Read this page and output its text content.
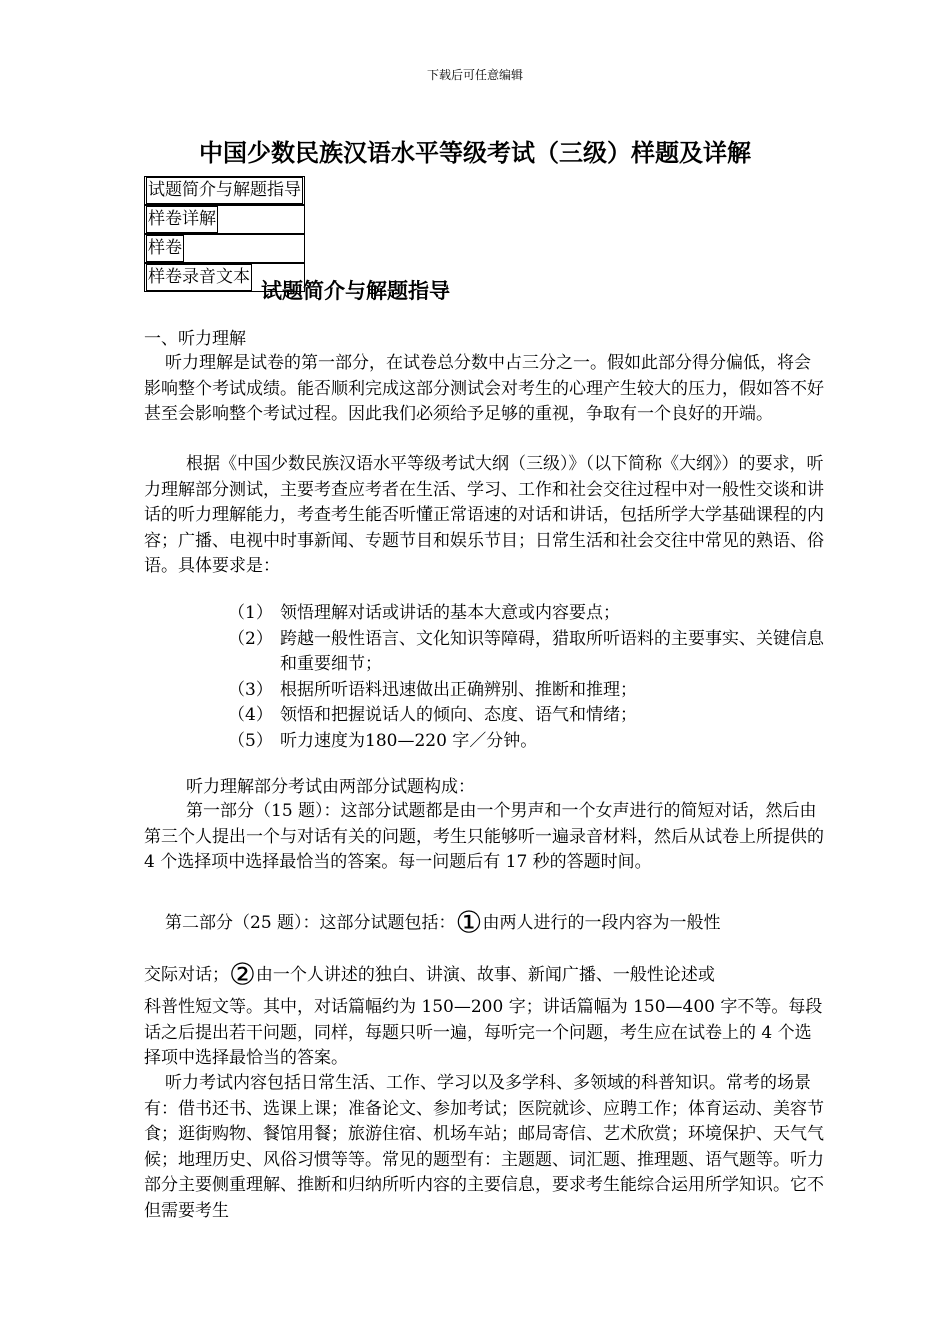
下载后可任意编辑
中国少数民族汉语水平等级考试（三级）样题及详解
试题简介与解题指导
样卷详解
样卷
样卷录音文本
试题简介与解题指导
一、听力理解
听力理解是试卷的第一部分，在试卷总分数中占三分之一。假如此部分得分偏低，将会影响整个考试成绩。能否顺利完成这部分测试会对考生的心理产生较大的压力，假如答不好甚至会影响整个考试过程。因此我们必须给予足够的重视，争取有一个良好的开端。
根据《中国少数民族汉语水平等级考试大纲（三级）》（以下简称《大纲》）的要求，听力理解部分测试，主要考查应考者在生活、学习、工作和社会交往过程中对一般性交谈和讲话的听力理解能力，考查考生能否听懂正常语速的对话和讲话，包括所学大学基础课程的内容；广播、电视中时事新闻、专题节目和娱乐节目；日常生活和社会交往中常见的熟语、俗语。具体要求是：
（1） 领悟理解对话或讲话的基本大意或内容要点；
（2） 跨越一般性语言、文化知识等障碍，猎取所听语料的主要事实、关键信息和重要细节；
（3） 根据所听语料迅速做出正确辨别、推断和推理；
（4） 领悟和把握说话人的倾向、态度、语气和情绪；
（5） 听力速度为180—220 字／分钟。
听力理解部分考试由两部分试题构成：
第一部分（15 题）：这部分试题都是由一个男声和一个女声进行的简短对话，然后由第三个人提出一个与对话有关的问题，考生只能够听一遍录音材料，然后从试卷上所提供的 4 个选择项中选择最恰当的答案。每一问题后有 17 秒的答题时间。
第二部分（25 题）：这部分试题包括：①由两人进行的一段内容为一般性
交际对话；②由一个人讲述的独白、讲演、故事、新闻广播、一般性论述或
科普性短文等。其中，对话篇幅约为 150—200 字；讲话篇幅为 150—400 字不等。每段话之后提出若干问题，同样，每题只听一遍，每听完一个问题，考生应在试卷上的 4 个选择项中选择最恰当的答案。
听力考试内容包括日常生活、工作、学习以及多学科、多领域的科普知识。常考的场景有：借书还书、选课上课；准备论文、参加考试；医院就诊、应聘工作；体育运动、美容节食；逛街购物、餐馆用餐；旅游住宿、机场车站；邮局寄信、艺术欣赏；环境保护、天气气候；地理历史、风俗习惯等等。常见的题型有：主题题、词汇题、推理题、语气题等。听力部分主要侧重理解、推断和归纳所听内容的主要信息，要求考生能综合运用所学知识。它不但需要考生
